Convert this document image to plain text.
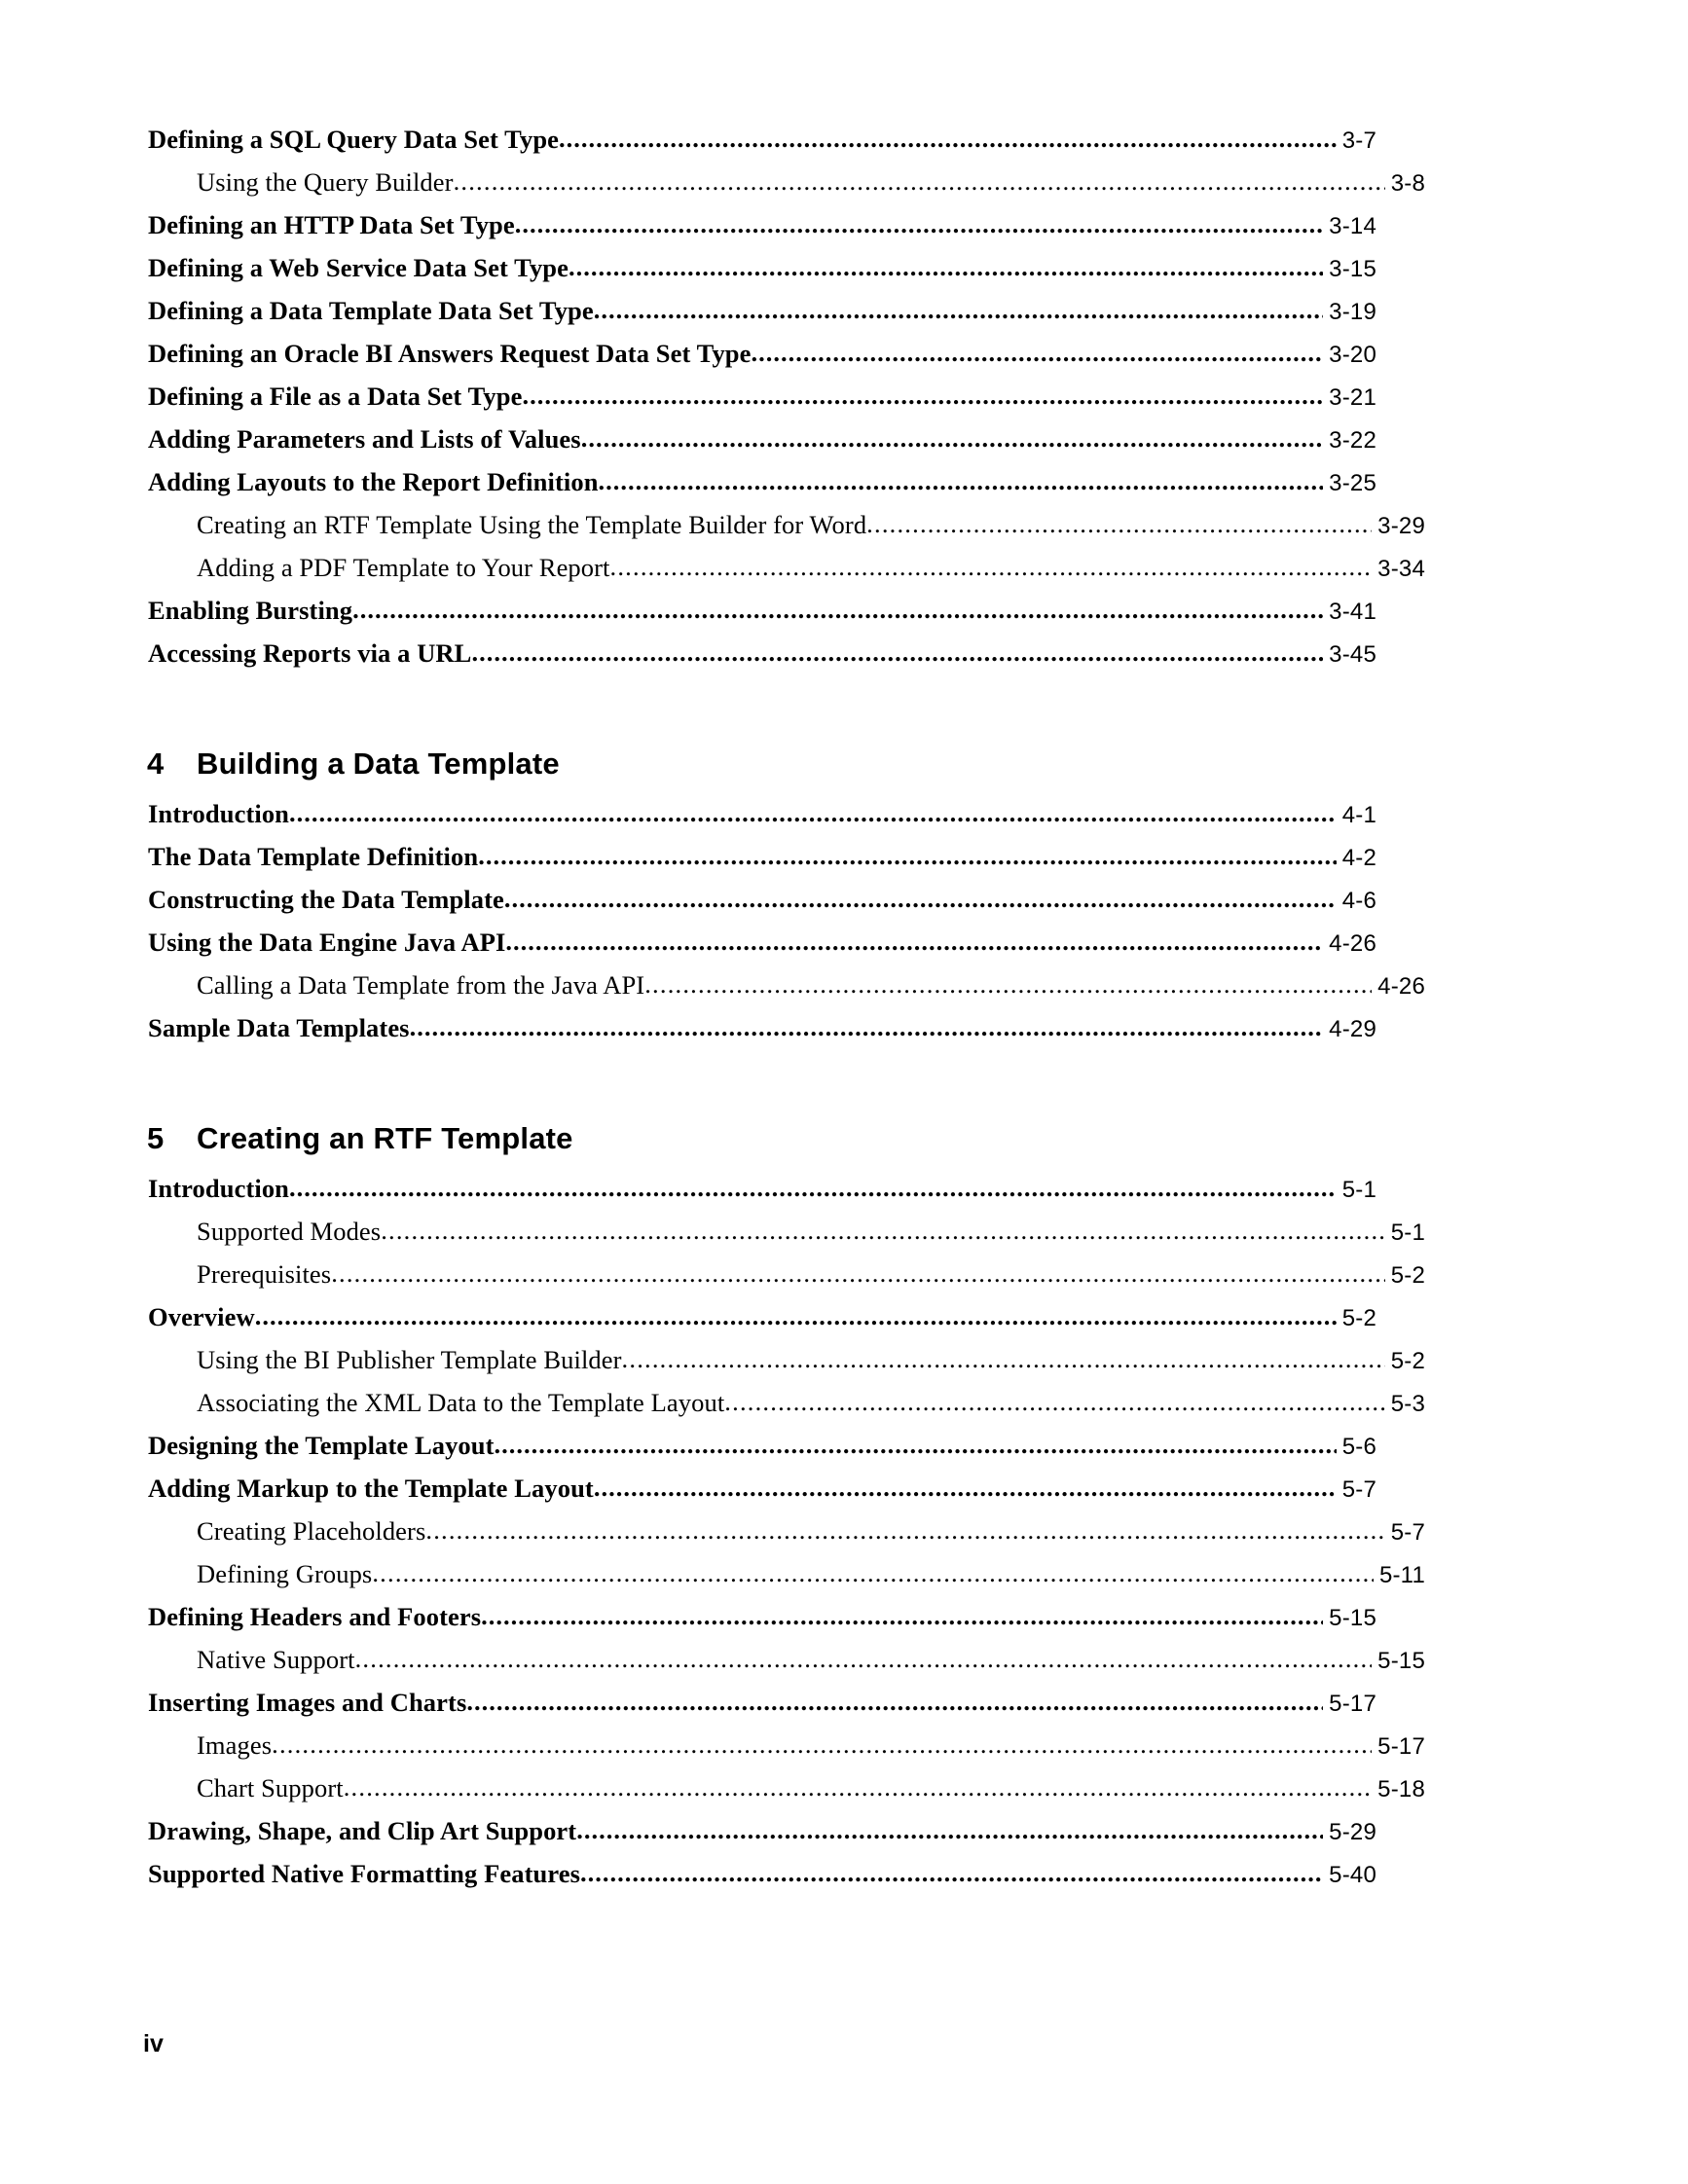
Defining a SQL Query Data Set Type .....	3-7
Using the Query Builder .....	3-8
Defining an HTTP Data Set Type .....	3-14
Defining a Web Service Data Set Type .....	3-15
Defining a Data Template Data Set Type .....	3-19
Defining an Oracle BI Answers Request Data Set Type .....	3-20
Defining a File as a Data Set Type .....	3-21
Adding Parameters and Lists of Values .....	3-22
Adding Layouts to the Report Definition .....	3-25
Creating an RTF Template Using the Template Builder for Word .....	3-29
Adding a PDF Template to Your Report .....	3-34
Enabling Bursting .....	3-41
Accessing Reports via a URL .....	3-45
4	Building a Data Template
Introduction .....	4-1
The Data Template Definition .....	4-2
Constructing the Data Template .....	4-6
Using the Data Engine Java API .....	4-26
Calling a Data Template from the Java API .....	4-26
Sample Data Templates .....	4-29
5	Creating an RTF Template
Introduction .....	5-1
Supported Modes .....	5-1
Prerequisites .....	5-2
Overview .....	5-2
Using the BI Publisher Template Builder .....	5-2
Associating the XML Data to the Template Layout .....	5-3
Designing the Template Layout .....	5-6
Adding Markup to the Template Layout .....	5-7
Creating Placeholders .....	5-7
Defining Groups .....	5-11
Defining Headers and Footers .....	5-15
Native Support .....	5-15
Inserting Images and Charts .....	5-17
Images .....	5-17
Chart Support .....	5-18
Drawing, Shape, and Clip Art Support .....	5-29
Supported Native Formatting Features .....	5-40
iv
